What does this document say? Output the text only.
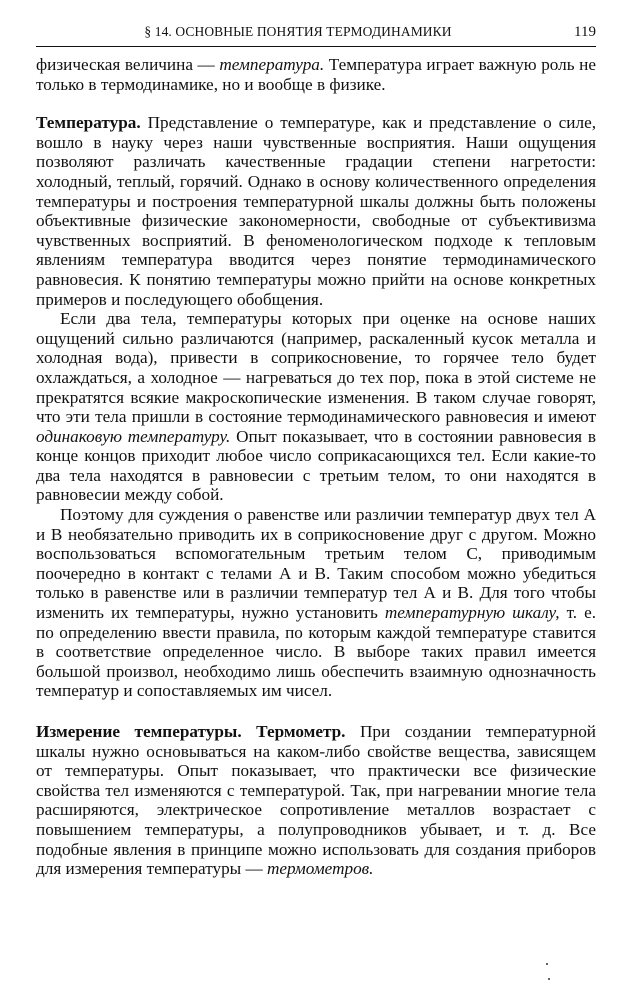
§ 14. ОСНОВНЫЕ ПОНЯТИЯ ТЕРМОДИНАМИКИ	119

физическая величина — температура. Температура играет важную роль не только в термодинамике, но и вообще в физике.

Температура. Представление о температуре, как и представление о силе, вошло в науку через наши чувственные восприятия. Наши ощущения позволяют различать качественные градации степени нагретости: холодный, теплый, горячий. Однако в основу количественного определения температуры и построения температурной шкалы должны быть положены объективные физические закономерности, свободные от субъективизма чувственных восприятий. В феноменологическом подходе к тепловым явлениям температура вводится через понятие термодинамического равновесия. К понятию температуры можно прийти на основе конкретных примеров и последующего обобщения.

Если два тела, температуры которых при оценке на основе наших ощущений сильно различаются (например, раскаленный кусок металла и холодная вода), привести в соприкосновение, то горячее тело будет охлаждаться, а холодное — нагреваться до тех пор, пока в этой системе не прекратятся всякие макроскопические изменения. В таком случае говорят, что эти тела пришли в состояние термодинамического равновесия и имеют одинаковую температуру. Опыт показывает, что в состоянии равновесия в конце концов приходит любое число соприкасающихся тел. Если какие-то два тела находятся в равновесии с третьим телом, то они находятся в равновесии между собой.

Поэтому для суждения о равенстве или различии температур двух тел А и В необязательно приводить их в соприкосновение друг с другом. Можно воспользоваться вспомогательным третьим телом С, приводимым поочередно в контакт с телами А и В. Таким способом можно убедиться только в равенстве или в различии температур тел А и В. Для того чтобы изменить их температуры, нужно установить температурную шкалу, т. е. по определению ввести правила, по которым каждой температуре ставится в соответствие определенное число. В выборе таких правил имеется большой произвол, необходимо лишь обеспечить взаимную однозначность температур и сопоставляемых им чисел.

Измерение температуры. Термометр. При создании температурной шкалы нужно основываться на каком-либо свойстве вещества, зависящем от температуры. Опыт показывает, что практически все физические свойства тел изменяются с температурой. Так, при нагревании многие тела расширяются, электрическое сопротивление металлов возрастает с повышением температуры, а полупроводников убывает, и т. д. Все подобные явления в принципе можно использовать для создания приборов для измерения температуры — термометров.
